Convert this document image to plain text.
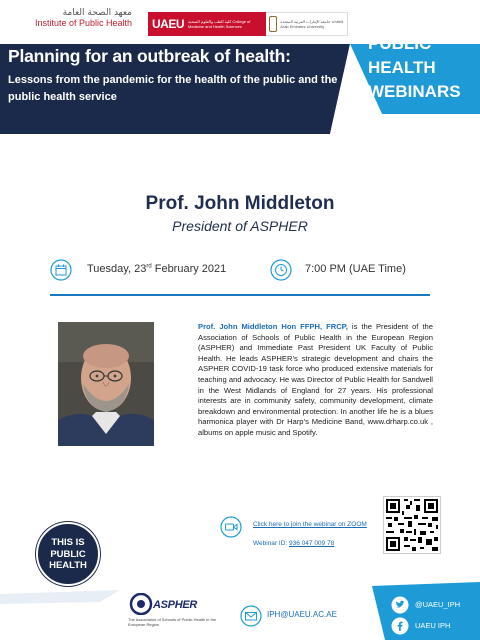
معهد الصحة العامة
Institute of Public Health	UAEU كلية الطب والعلوم الصحية College of Medicine and Health Sciences
جامعة الإمارات العربية المتحدة United Arab Emirates University
Planning for an outbreak of health:
Lessons from the pandemic for the health of the public and the public health service
PUBLIC HEALTH WEBINARS
Prof. John Middleton
President of ASPHER
Tuesday, 23rd February 2021	7:00 PM (UAE Time)
Prof. John Middleton Hon FFPH, FRCP, is the President of the Association of Schools of Public Health in the European Region (ASPHER) and Immediate Past President UK Faculty of Public Health. He leads ASPHER’s strategic development and chairs the ASPHER COVID-19 task force who produced extensive materials for teaching and advocacy. He was Director of Public Health for Sandwell in the West Midlands of England for 27 years. His professional interests are in community safety, community development, climate breakdown and environmental protection. In another life he is a blues harmonica player with Dr Harp’s Medicine Band, www.drharp.co.uk , albums on apple music and Spotify.
Click here to join the webinar on ZOOM
Webinar ID: 936 047 009 78
THIS IS
PUBLIC
HEALTH
ASPHER
The Association of Schools of Public Health in the European Region
IPH@UAEU.AC.AE
@UAEU_IPH
UAEU IPH
